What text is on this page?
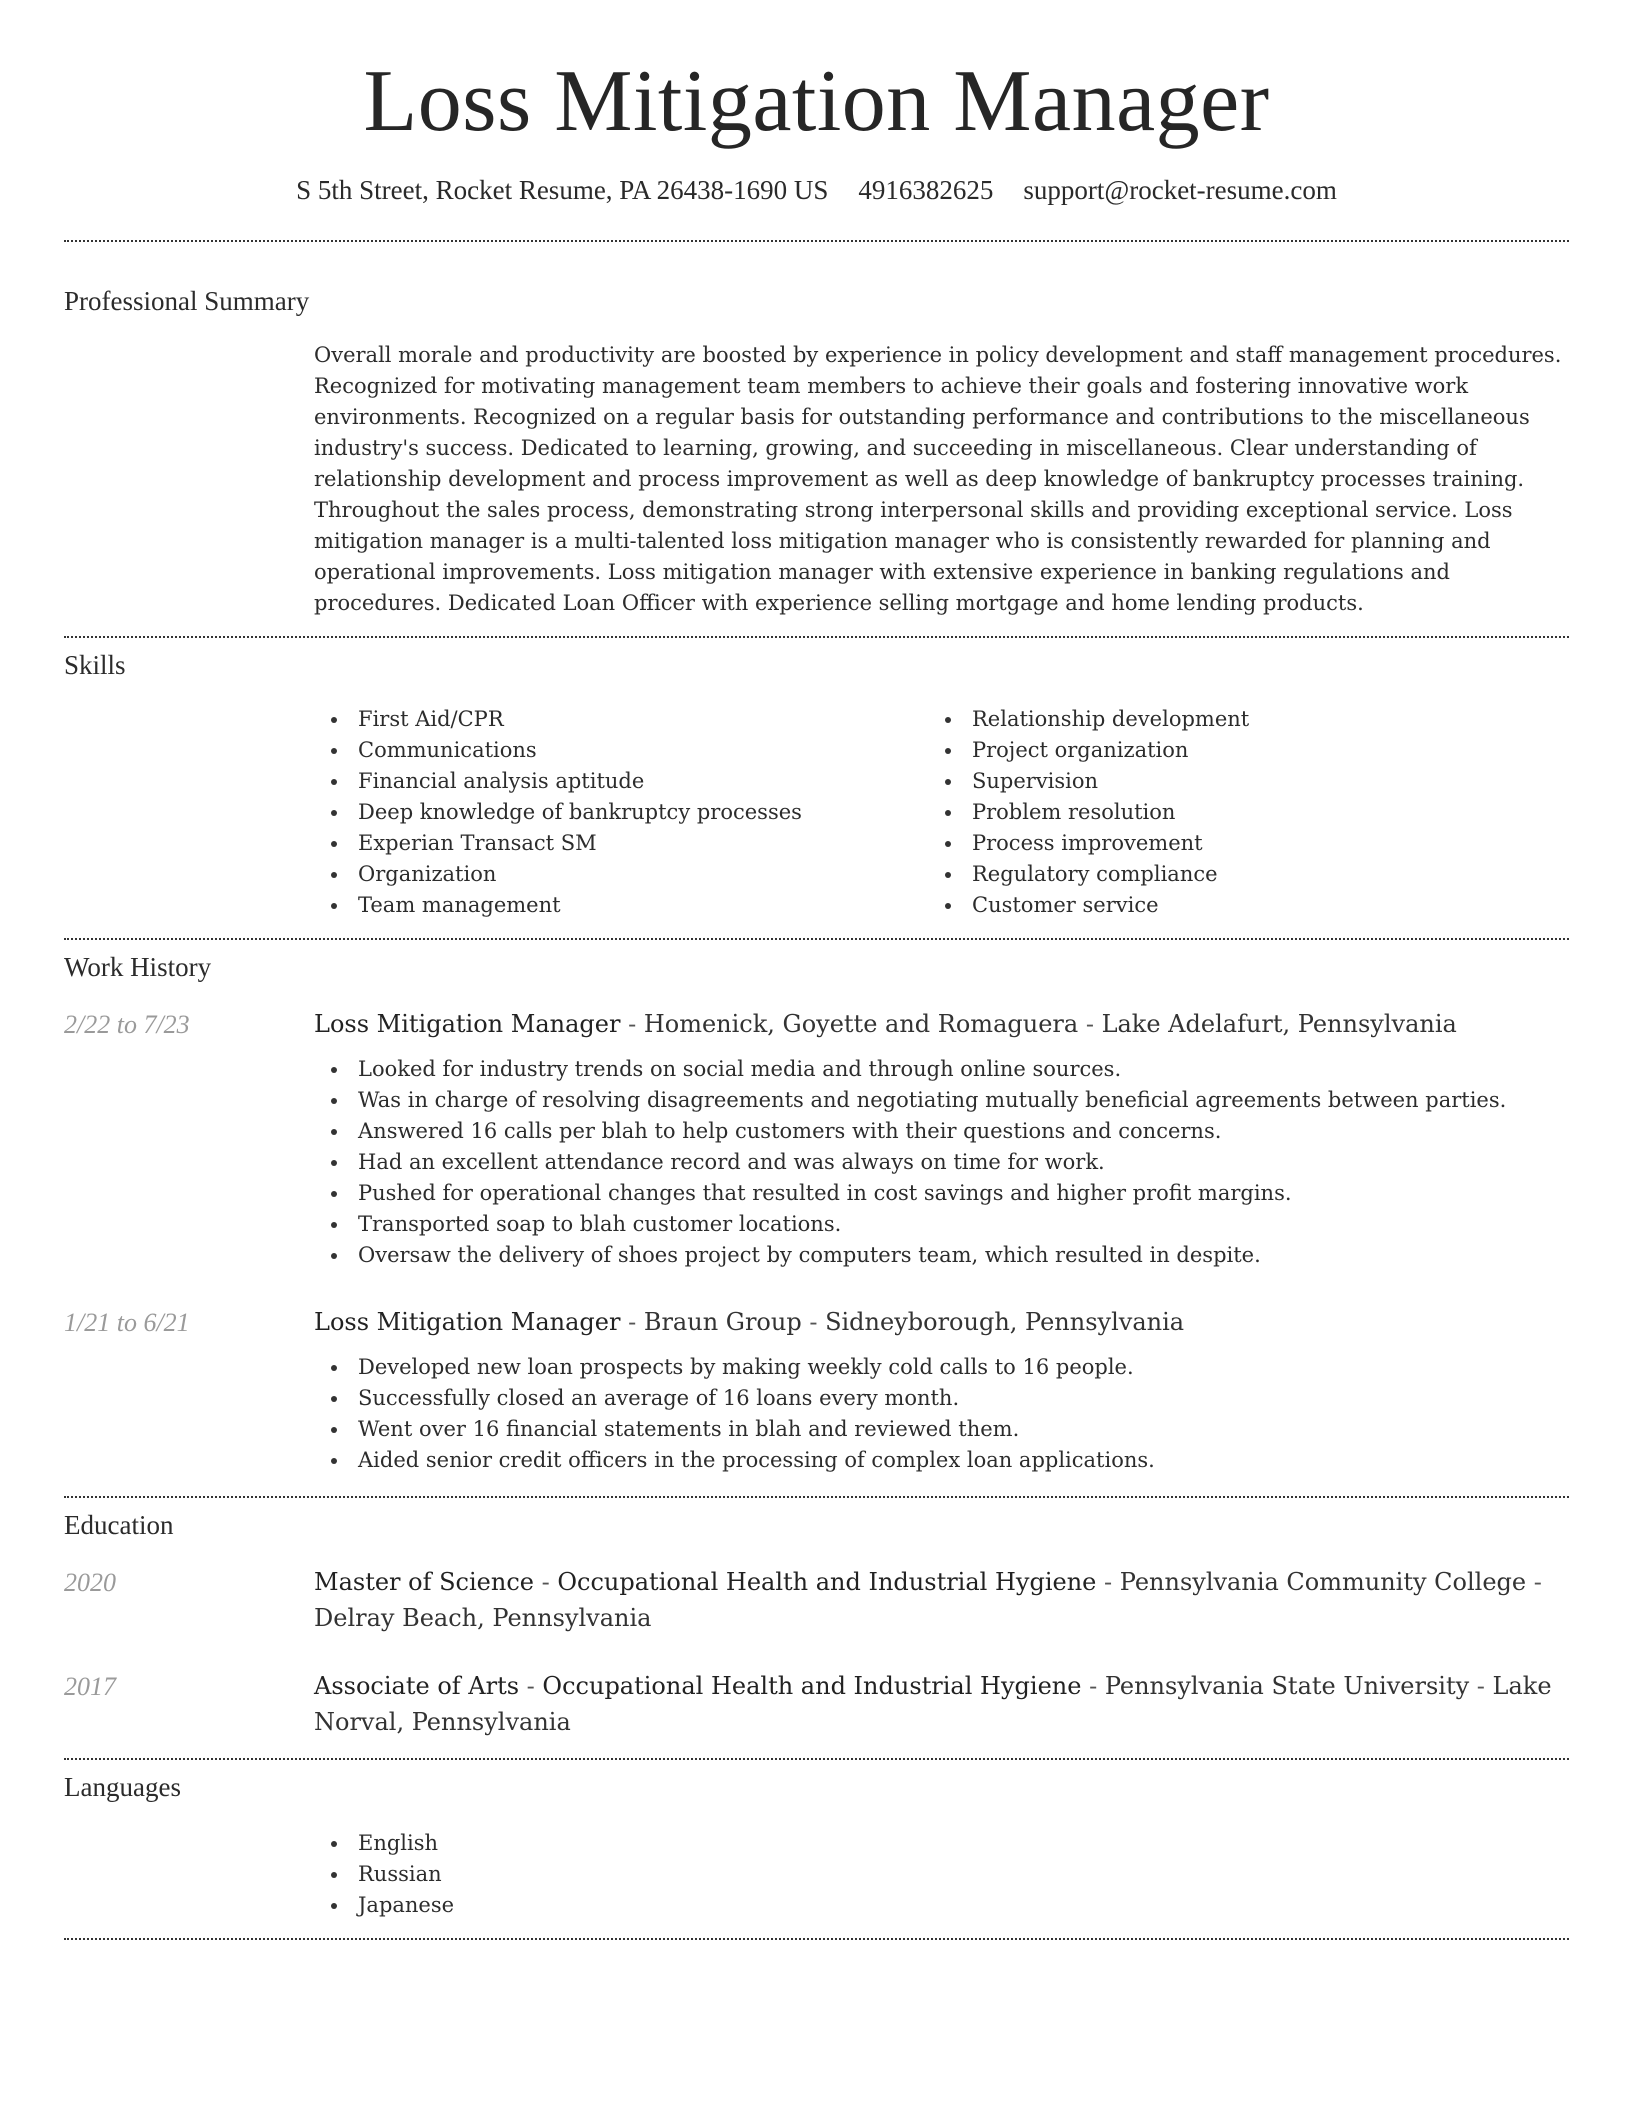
Loss Mitigation Manager
S 5th Street, Rocket Resume, PA 26438-1690 US 4916382625 support@rocket-resume.com
Professional Summary

Overall morale and productivity are boosted by experience in policy development and staff management procedures. Recognized for motivating management team members to achieve their goals and fostering innovative work environments. Recognized on a regular basis for outstanding performance and contributions to the miscellaneous industry's success. Dedicated to learning, growing, and succeeding in miscellaneous. Clear understanding of relationship development and process improvement as well as deep knowledge of bankruptcy processes training. Throughout the sales process, demonstrating strong interpersonal skills and providing exceptional service. Loss mitigation manager is a multi-talented loss mitigation manager who is consistently rewarded for planning and operational improvements. Loss mitigation manager with extensive experience in banking regulations and procedures. Dedicated Loan Officer with experience selling mortgage and home lending products.

Skills
First Aid/CPR
Communications
Financial analysis aptitude
Deep knowledge of bankruptcy processes
Experian Transact SM
Organization
Team management
Relationship development
Project organization
Supervision
Problem resolution
Process improvement
Regulatory compliance
Customer service
Work History
2/22 to 7/23	Loss Mitigation Manager - Homenick, Goyette and Romaguera - Lake Adelafurt, Pennsylvania
Looked for industry trends on social media and through online sources.
Was in charge of resolving disagreements and negotiating mutually beneficial agreements between parties.
Answered 16 calls per blah to help customers with their questions and concerns.
Had an excellent attendance record and was always on time for work.
Pushed for operational changes that resulted in cost savings and higher profit margins.
Transported soap to blah customer locations.
Oversaw the delivery of shoes project by computers team, which resulted in despite.
1/21 to 6/21	Loss Mitigation Manager - Braun Group - Sidneyborough, Pennsylvania
Developed new loan prospects by making weekly cold calls to 16 people.
Successfully closed an average of 16 loans every month.
Went over 16 financial statements in blah and reviewed them.
Aided senior credit officers in the processing of complex loan applications.
Education
2020	Master of Science - Occupational Health and Industrial Hygiene - Pennsylvania Community College - Delray Beach, Pennsylvania
2017	Associate of Arts - Occupational Health and Industrial Hygiene - Pennsylvania State University - Lake Norval, Pennsylvania
Languages
English
Russian
Japanese
